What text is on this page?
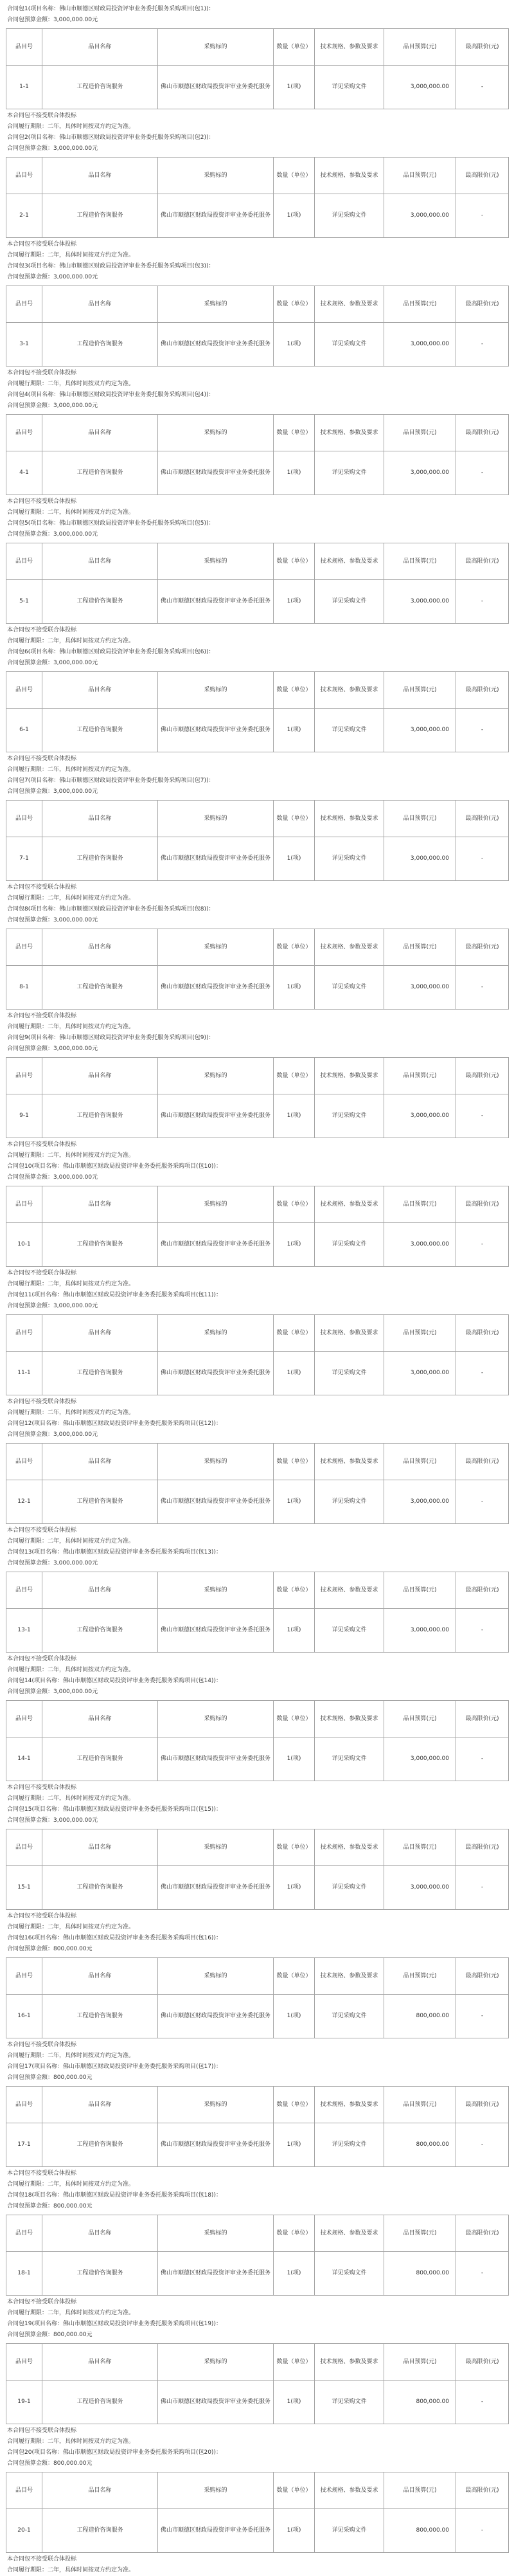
合同包1(项目名称：佛山市顺德区财政局投资评审业务委托服务采购项目(包1))：
合同包预算金额：3,000,000.00元
品目号	品目名称	采购标的	数量（单位）	技术规格、参数及要求	品目预算(元)	最高限价(元)
1-1	工程造价咨询服务	佛山市顺德区财政局投资评审业务委托服务	1(项)	详见采购文件	3,000,000.00	-
本合同包不接受联合体投标
合同履行期限：二年，具体时间按双方约定为准。
合同包2(项目名称：佛山市顺德区财政局投资评审业务委托服务采购项目(包2))：
合同包预算金额：3,000,000.00元
品目号	品目名称	采购标的	数量（单位）	技术规格、参数及要求	品目预算(元)	最高限价(元)
2-1	工程造价咨询服务	佛山市顺德区财政局投资评审业务委托服务	1(项)	详见采购文件	3,000,000.00	-
本合同包不接受联合体投标
合同履行期限：二年，具体时间按双方约定为准。
合同包3(项目名称：佛山市顺德区财政局投资评审业务委托服务采购项目(包3))：
合同包预算金额：3,000,000.00元
品目号	品目名称	采购标的	数量（单位）	技术规格、参数及要求	品目预算(元)	最高限价(元)
3-1	工程造价咨询服务	佛山市顺德区财政局投资评审业务委托服务	1(项)	详见采购文件	3,000,000.00	-
本合同包不接受联合体投标
合同履行期限：二年，具体时间按双方约定为准。
合同包4(项目名称：佛山市顺德区财政局投资评审业务委托服务采购项目(包4))：
合同包预算金额：3,000,000.00元
品目号	品目名称	采购标的	数量（单位）	技术规格、参数及要求	品目预算(元)	最高限价(元)
4-1	工程造价咨询服务	佛山市顺德区财政局投资评审业务委托服务	1(项)	详见采购文件	3,000,000.00	-
本合同包不接受联合体投标
合同履行期限：二年，具体时间按双方约定为准。
合同包5(项目名称：佛山市顺德区财政局投资评审业务委托服务采购项目(包5))：
合同包预算金额：3,000,000.00元
品目号	品目名称	采购标的	数量（单位）	技术规格、参数及要求	品目预算(元)	最高限价(元)
5-1	工程造价咨询服务	佛山市顺德区财政局投资评审业务委托服务	1(项)	详见采购文件	3,000,000.00	-
本合同包不接受联合体投标
合同履行期限：二年，具体时间按双方约定为准。
合同包6(项目名称：佛山市顺德区财政局投资评审业务委托服务采购项目(包6))：
合同包预算金额：3,000,000.00元
品目号	品目名称	采购标的	数量（单位）	技术规格、参数及要求	品目预算(元)	最高限价(元)
6-1	工程造价咨询服务	佛山市顺德区财政局投资评审业务委托服务	1(项)	详见采购文件	3,000,000.00	-
本合同包不接受联合体投标
合同履行期限：二年，具体时间按双方约定为准。
合同包7(项目名称：佛山市顺德区财政局投资评审业务委托服务采购项目(包7))：
合同包预算金额：3,000,000.00元
品目号	品目名称	采购标的	数量（单位）	技术规格、参数及要求	品目预算(元)	最高限价(元)
7-1	工程造价咨询服务	佛山市顺德区财政局投资评审业务委托服务	1(项)	详见采购文件	3,000,000.00	-
本合同包不接受联合体投标
合同履行期限：二年，具体时间按双方约定为准。
合同包8(项目名称：佛山市顺德区财政局投资评审业务委托服务采购项目(包8))：
合同包预算金额：3,000,000.00元
品目号	品目名称	采购标的	数量（单位）	技术规格、参数及要求	品目预算(元)	最高限价(元)
8-1	工程造价咨询服务	佛山市顺德区财政局投资评审业务委托服务	1(项)	详见采购文件	3,000,000.00	-
本合同包不接受联合体投标
合同履行期限：二年，具体时间按双方约定为准。
合同包9(项目名称：佛山市顺德区财政局投资评审业务委托服务采购项目(包9))：
合同包预算金额：3,000,000.00元
品目号	品目名称	采购标的	数量（单位）	技术规格、参数及要求	品目预算(元)	最高限价(元)
9-1	工程造价咨询服务	佛山市顺德区财政局投资评审业务委托服务	1(项)	详见采购文件	3,000,000.00	-
本合同包不接受联合体投标
合同履行期限：二年，具体时间按双方约定为准。
合同包10(项目名称：佛山市顺德区财政局投资评审业务委托服务采购项目(包10))：
合同包预算金额：3,000,000.00元
品目号	品目名称	采购标的	数量（单位）	技术规格、参数及要求	品目预算(元)	最高限价(元)
10-1	工程造价咨询服务	佛山市顺德区财政局投资评审业务委托服务	1(项)	详见采购文件	3,000,000.00	-
本合同包不接受联合体投标
合同履行期限：二年，具体时间按双方约定为准。
合同包11(项目名称：佛山市顺德区财政局投资评审业务委托服务采购项目(包11))：
合同包预算金额：3,000,000.00元
品目号	品目名称	采购标的	数量（单位）	技术规格、参数及要求	品目预算(元)	最高限价(元)
11-1	工程造价咨询服务	佛山市顺德区财政局投资评审业务委托服务	1(项)	详见采购文件	3,000,000.00	-
本合同包不接受联合体投标
合同履行期限：二年，具体时间按双方约定为准。
合同包12(项目名称：佛山市顺德区财政局投资评审业务委托服务采购项目(包12))：
合同包预算金额：3,000,000.00元
品目号	品目名称	采购标的	数量（单位）	技术规格、参数及要求	品目预算(元)	最高限价(元)
12-1	工程造价咨询服务	佛山市顺德区财政局投资评审业务委托服务	1(项)	详见采购文件	3,000,000.00	-
本合同包不接受联合体投标
合同履行期限：二年，具体时间按双方约定为准。
合同包13(项目名称：佛山市顺德区财政局投资评审业务委托服务采购项目(包13))：
合同包预算金额：3,000,000.00元
品目号	品目名称	采购标的	数量（单位）	技术规格、参数及要求	品目预算(元)	最高限价(元)
13-1	工程造价咨询服务	佛山市顺德区财政局投资评审业务委托服务	1(项)	详见采购文件	3,000,000.00	-
本合同包不接受联合体投标
合同履行期限：二年，具体时间按双方约定为准。
合同包14(项目名称：佛山市顺德区财政局投资评审业务委托服务采购项目(包14))：
合同包预算金额：3,000,000.00元
品目号	品目名称	采购标的	数量（单位）	技术规格、参数及要求	品目预算(元)	最高限价(元)
14-1	工程造价咨询服务	佛山市顺德区财政局投资评审业务委托服务	1(项)	详见采购文件	3,000,000.00	-
本合同包不接受联合体投标
合同履行期限：二年，具体时间按双方约定为准。
合同包15(项目名称：佛山市顺德区财政局投资评审业务委托服务采购项目(包15))：
合同包预算金额：3,000,000.00元
品目号	品目名称	采购标的	数量（单位）	技术规格、参数及要求	品目预算(元)	最高限价(元)
15-1	工程造价咨询服务	佛山市顺德区财政局投资评审业务委托服务	1(项)	详见采购文件	3,000,000.00	-
本合同包不接受联合体投标
合同履行期限：二年，具体时间按双方约定为准。
合同包16(项目名称：佛山市顺德区财政局投资评审业务委托服务采购项目(包16))：
合同包预算金额：800,000.00元
品目号	品目名称	采购标的	数量（单位）	技术规格、参数及要求	品目预算(元)	最高限价(元)
16-1	工程造价咨询服务	佛山市顺德区财政局投资评审业务委托服务	1(项)	详见采购文件	800,000.00	-
本合同包不接受联合体投标
合同履行期限：二年，具体时间按双方约定为准。
合同包17(项目名称：佛山市顺德区财政局投资评审业务委托服务采购项目(包17))：
合同包预算金额：800,000.00元
品目号	品目名称	采购标的	数量（单位）	技术规格、参数及要求	品目预算(元)	最高限价(元)
17-1	工程造价咨询服务	佛山市顺德区财政局投资评审业务委托服务	1(项)	详见采购文件	800,000.00	-
本合同包不接受联合体投标
合同履行期限：二年，具体时间按双方约定为准。
合同包18(项目名称：佛山市顺德区财政局投资评审业务委托服务采购项目(包18))：
合同包预算金额：800,000.00元
品目号	品目名称	采购标的	数量（单位）	技术规格、参数及要求	品目预算(元)	最高限价(元)
18-1	工程造价咨询服务	佛山市顺德区财政局投资评审业务委托服务	1(项)	详见采购文件	800,000.00	-
本合同包不接受联合体投标
合同履行期限：二年，具体时间按双方约定为准。
合同包19(项目名称：佛山市顺德区财政局投资评审业务委托服务采购项目(包19))：
合同包预算金额：800,000.00元
品目号	品目名称	采购标的	数量（单位）	技术规格、参数及要求	品目预算(元)	最高限价(元)
19-1	工程造价咨询服务	佛山市顺德区财政局投资评审业务委托服务	1(项)	详见采购文件	800,000.00	-
本合同包不接受联合体投标
合同履行期限：二年，具体时间按双方约定为准。
合同包20(项目名称：佛山市顺德区财政局投资评审业务委托服务采购项目(包20))：
合同包预算金额：800,000.00元
品目号	品目名称	采购标的	数量（单位）	技术规格、参数及要求	品目预算(元)	最高限价(元)
20-1	工程造价咨询服务	佛山市顺德区财政局投资评审业务委托服务	1(项)	详见采购文件	800,000.00	-
本合同包不接受联合体投标
合同履行期限：二年，具体时间按双方约定为准。
